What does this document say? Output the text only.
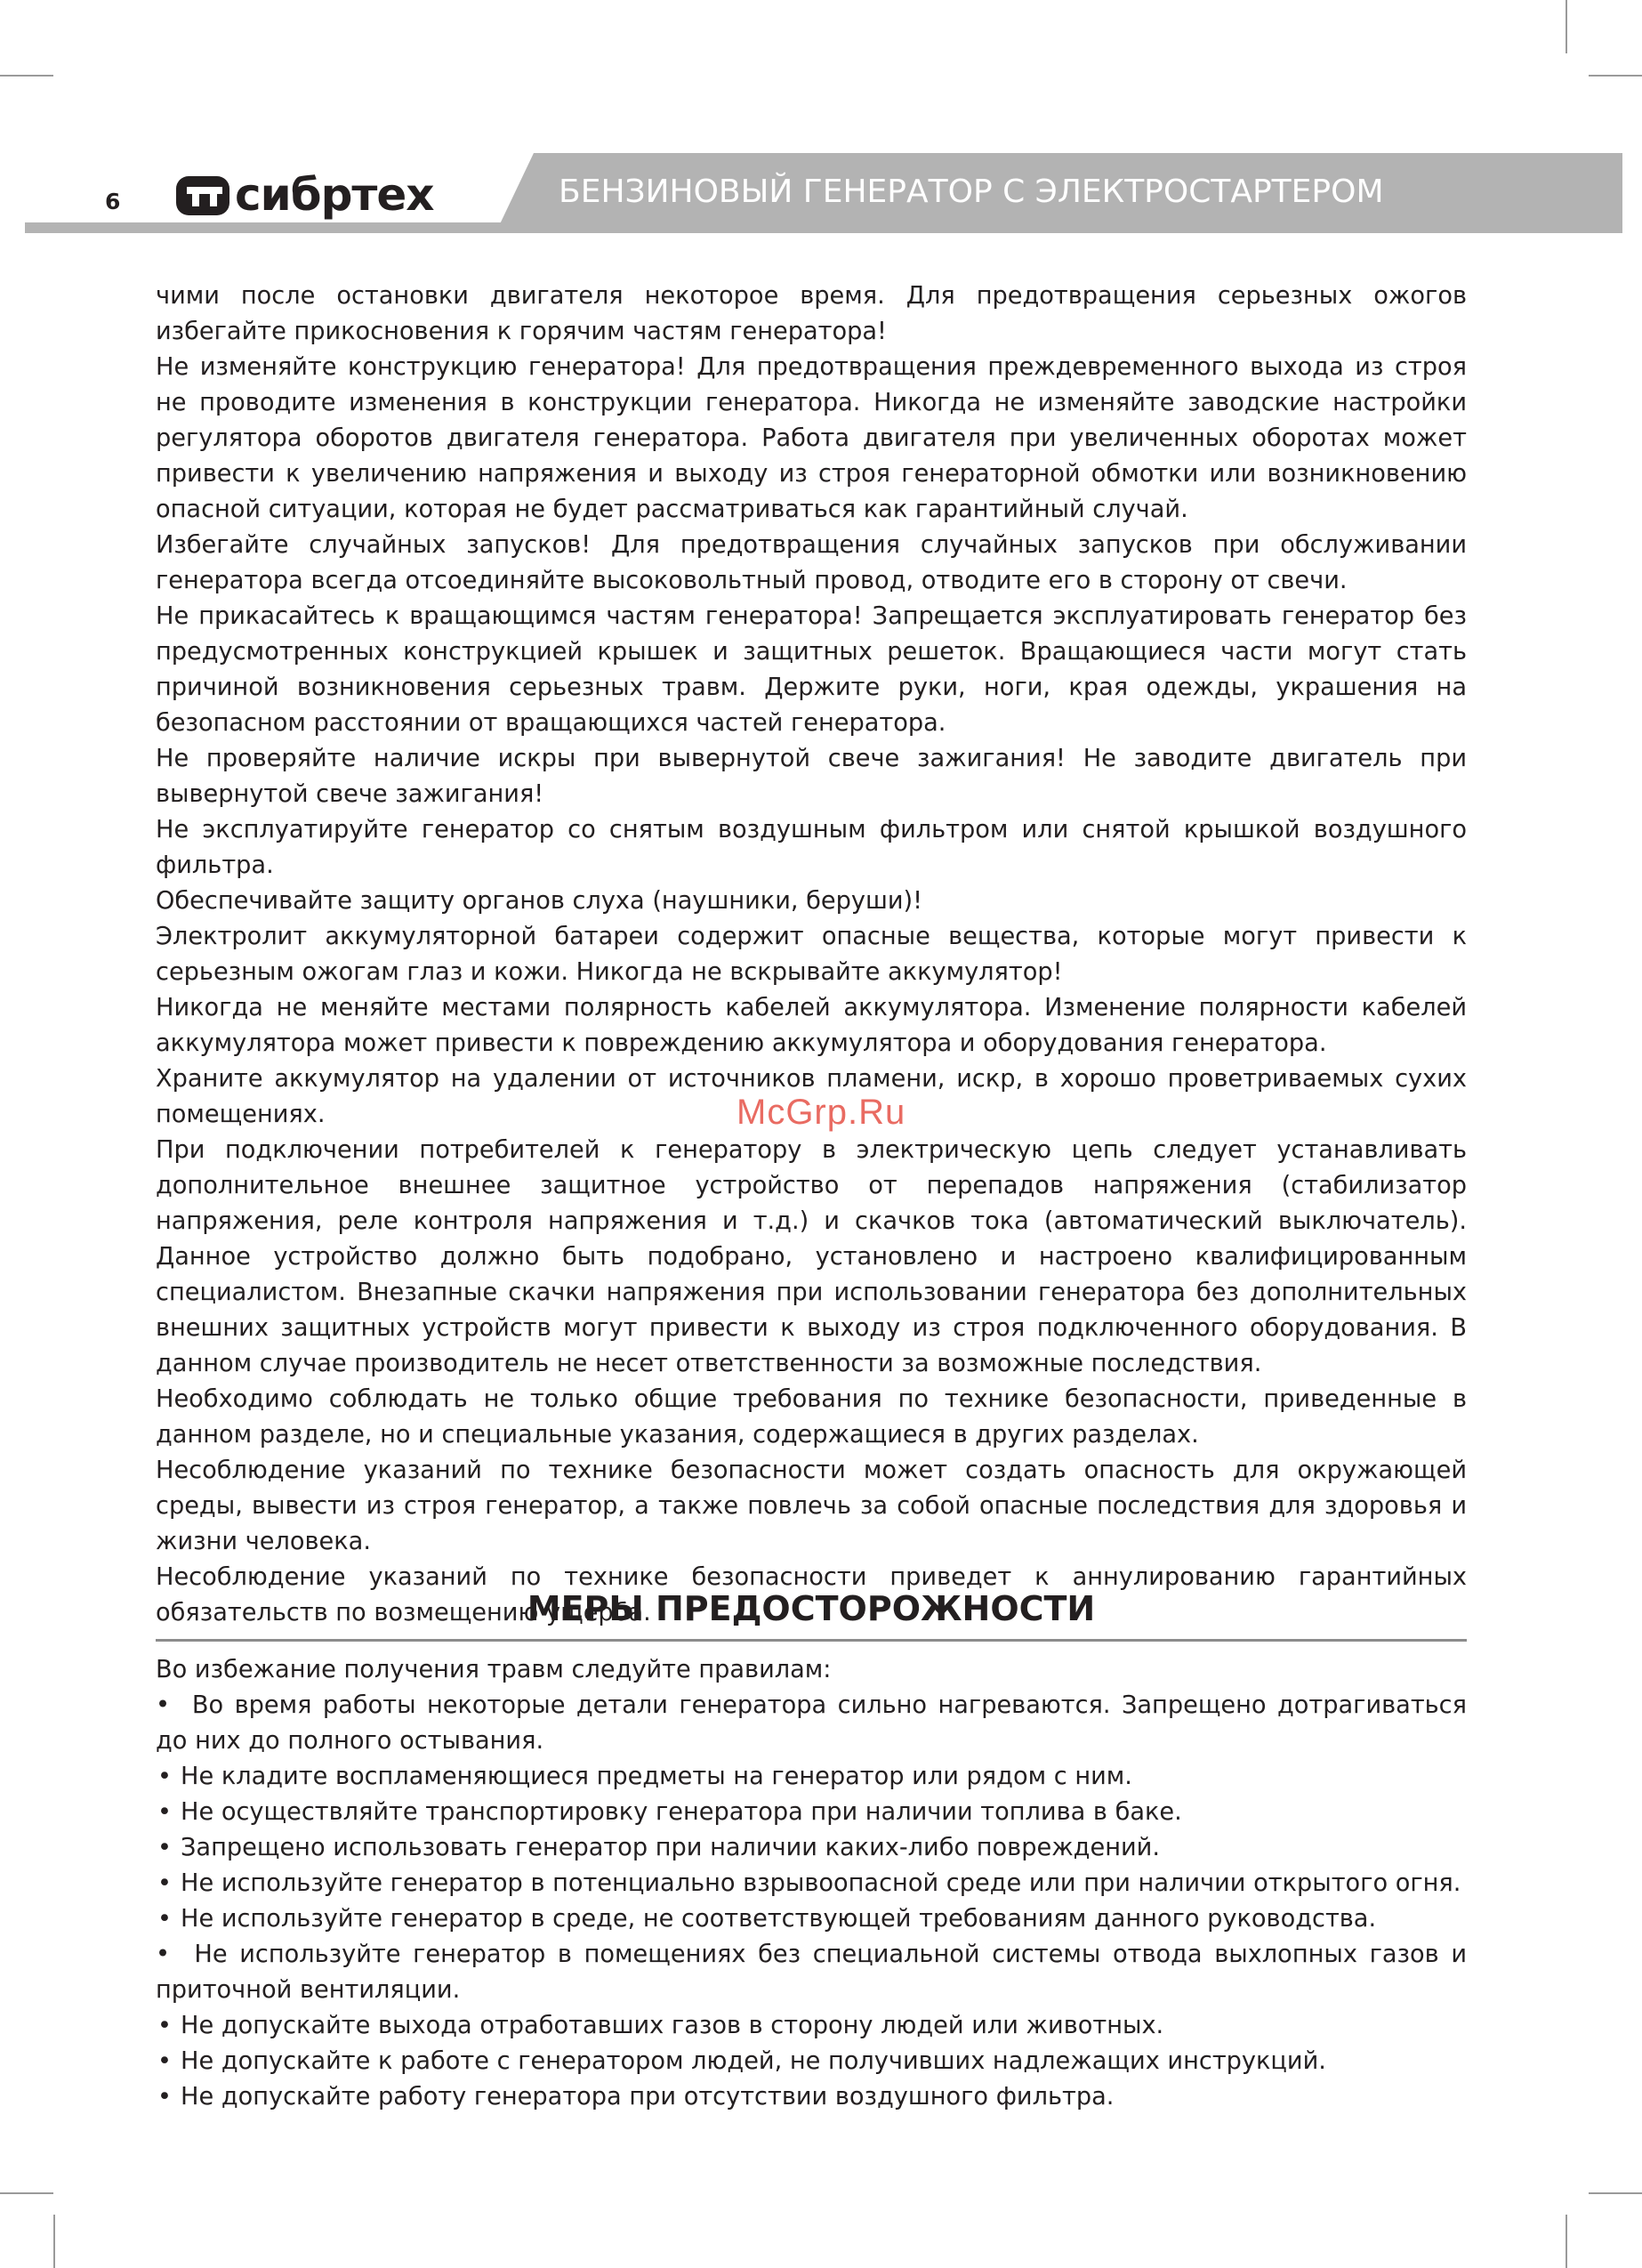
6	сибртех	БЕНЗИНОВЫЙ ГЕНЕРАТОР С ЭЛЕКТРОСТАРТЕРОМ

чими после остановки двигателя некоторое время. Для предотвращения серьезных ожогов избегайте прикосновения к горячим частям генератора!

Не изменяйте конструкцию генератора! Для предотвращения преждевременного выхода из строя не проводите изменения в конструкции генератора. Никогда не изменяйте заводские настройки регулятора оборотов двигателя генератора. Работа двигателя при увеличенных оборотах может привести к увеличению напряжения и выходу из строя генераторной обмотки или возникновению опасной ситуации, которая не будет рассматриваться как гарантийный случай.

Избегайте случайных запусков! Для предотвращения случайных запусков при обслуживании генератора всегда отсоединяйте высоковольтный провод, отводите его в сторону от свечи.

Не прикасайтесь к вращающимся частям генератора! Запрещается эксплуатировать генератор без предусмотренных конструкцией крышек и защитных решеток. Вращающиеся части могут стать причиной возникновения серьезных травм. Держите руки, ноги, края одежды, украшения на безопасном расстоянии от вращающихся частей генератора.

Не проверяйте наличие искры при вывернутой свече зажигания! Не заводите двигатель при вывернутой свече зажигания!

Не эксплуатируйте генератор со снятым воздушным фильтром или снятой крышкой воздушного фильтра.

Обеспечивайте защиту органов слуха (наушники, беруши)!

Электролит аккумуляторной батареи содержит опасные вещества, которые могут привести к серьезным ожогам глаз и кожи. Никогда не вскрывайте аккумулятор!

Никогда не меняйте местами полярность кабелей аккумулятора. Изменение полярности кабелей аккумулятора может привести к повреждению аккумулятора и оборудования генератора.

Храните аккумулятор на удалении от источников пламени, искр, в хорошо проветриваемых сухих помещениях.

При подключении потребителей к генератору в электрическую цепь следует устанавливать дополнительное внешнее защитное устройство от перепадов напряжения (стабилизатор напряжения, реле контроля напряжения и т.д.) и скачков тока (автоматический выключатель). Данное устройство должно быть подобрано, установлено и настроено квалифицированным специалистом. Внезапные скачки напряжения при использовании генератора без дополнительных внешних защитных устройств могут привести к выходу из строя подключенного оборудования. В данном случае производитель не несет ответственности за возможные последствия.

Необходимо соблюдать не только общие требования по технике безопасности, приведенные в данном разделе, но и специальные указания, содержащиеся в других разделах.

Несоблюдение указаний по технике безопасности может создать опасность для окружающей среды, вывести из строя генератор, а также повлечь за собой опасные последствия для здоровья и жизни человека.

Несоблюдение указаний по технике безопасности приведет к аннулированию гарантийных обязательств по возмещению ущерба.

McGrp.Ru
МЕРЫ ПРЕДОСТОРОЖНОСТИ

Во избежание получения травм следуйте правилам:

• Во время работы некоторые детали генератора сильно нагреваются. Запрещено дотрагиваться до них до полного остывания.

• Не кладите воспламеняющиеся предметы на генератор или рядом с ним.

• Не осуществляйте транспортировку генератора при наличии топлива в баке.

• Запрещено использовать генератор при наличии каких-либо повреждений.

• Не используйте генератор в потенциально взрывоопасной среде или при наличии открытого огня.

• Не используйте генератор в среде, не соответствующей требованиям данного руководства.

• Не используйте генератор в помещениях без специальной системы отвода выхлопных газов и приточной вентиляции.

• Не допускайте выхода отработавших газов в сторону людей или животных.

• Не допускайте к работе с генератором людей, не получивших надлежащих инструкций.

• Не допускайте работу генератора при отсутствии воздушного фильтра.
